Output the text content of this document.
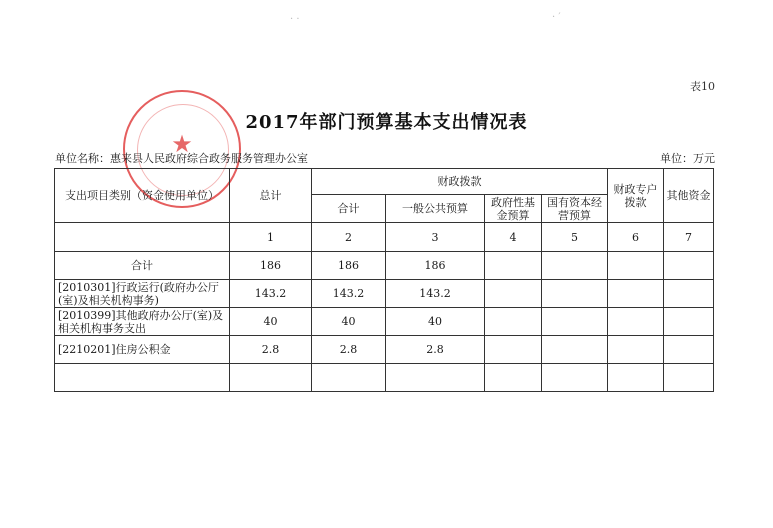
· ·	· ′
表10
★
2017年部门预算基本支出情况表
单位名称：惠来县人民政府综合政务服务管理办公室	单位：万元
支出项目类别（资金使用单位）	总计	财政拨款				财政专户拨款	其他资金
		合计	一般公共预算	政府性基金预算	国有资本经营预算		
	1	2	3	4	5	6	7
合计	186	186	186				
[2010301]行政运行(政府办公厅(室)及相关机构事务)	143.2	143.2	143.2				
[2010399]其他政府办公厅(室)及相关机构事务支出	40	40	40				
[2210201]住房公积金	2.8	2.8	2.8				
